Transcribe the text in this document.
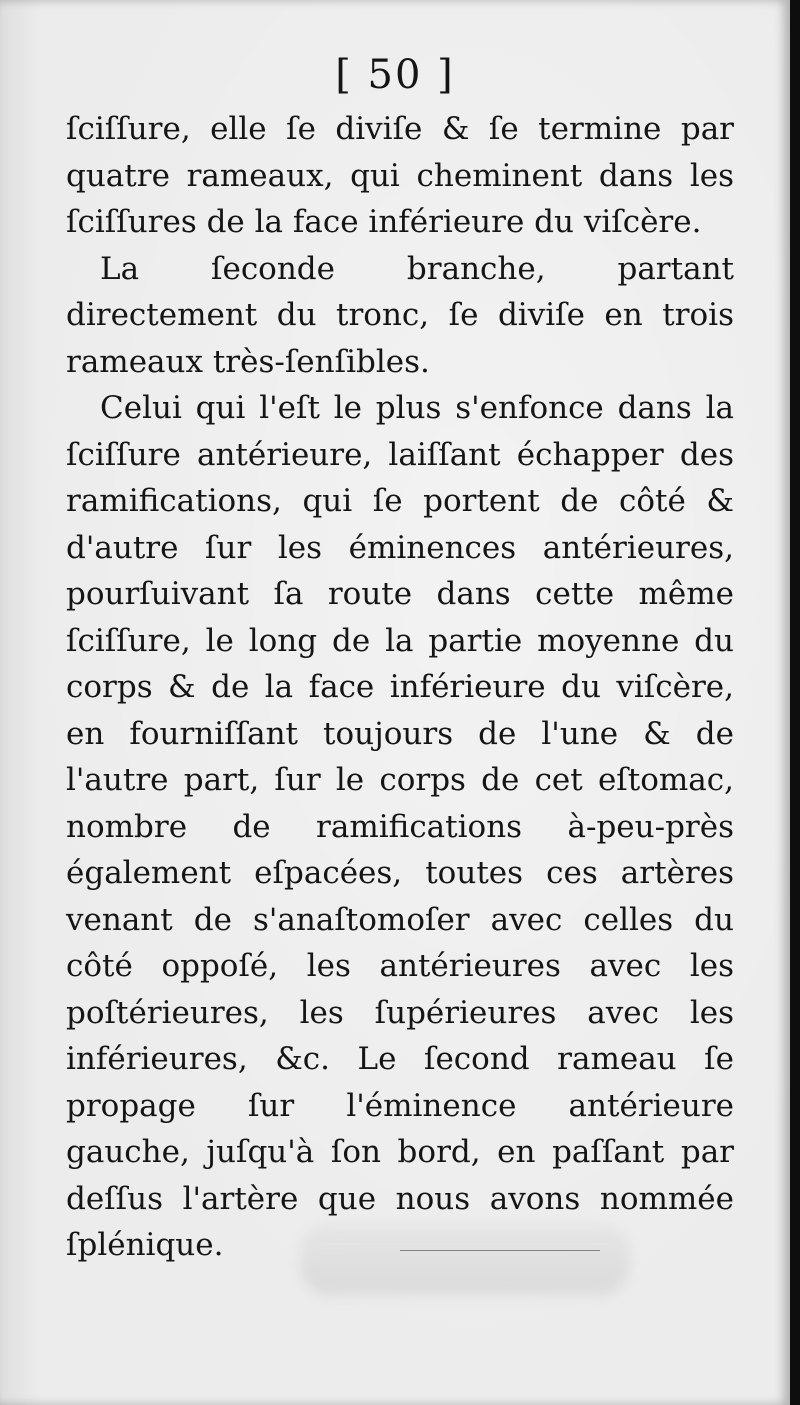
[ 50 ]

ſciſſure, elle ſe diviſe & ſe termine par quatre rameaux, qui cheminent dans les ſciſſures de la face inférieure du viſcère.

La ſeconde branche, partant directement du tronc, ſe diviſe en trois rameaux très-ſenſibles.

Celui qui l'eſt le plus s'enfonce dans la ſciſſure antérieure, laiſſant échapper des ramifications, qui ſe portent de côté & d'autre ſur les éminences antérieures, pourſuivant ſa route dans cette même ſciſſure, le long de la partie moyenne du corps & de la face inférieure du viſcère, en fourniſſant toujours de l'une & de l'autre part, ſur le corps de cet eſtomac, nombre de ramifications à-peu-près également eſpacées, toutes ces artères venant de s'anaſtomoſer avec celles du côté oppoſé, les antérieures avec les poſtérieures, les ſupérieures avec les inférieures, &c. Le ſecond rameau ſe propage ſur l'éminence antérieure gauche, juſqu'à ſon bord, en paſſant par deſſus l'artère que nous avons nommée ſplénique.
